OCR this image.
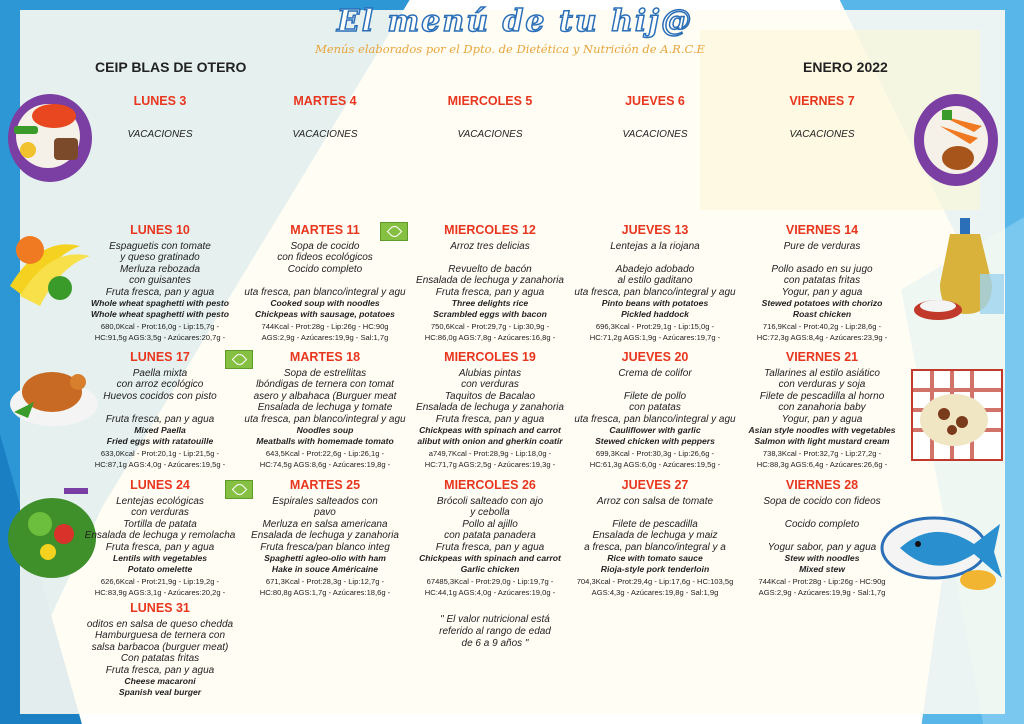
El menú de tu hij@
Menús elaborados por el Dpto. de Dietética y Nutrición de A.R.C.E
CEIP BLAS DE OTERO	ENERO 2022
LUNES 3
VACACIONES
MARTES 4
VACACIONES
MIERCOLES 5
VACACIONES
JUEVES 6
VACACIONES
VIERNES 7
VACACIONES
LUNES 10
Espaguetis con tomate
y queso gratinado
Merluza rebozada
con guisantes
Fruta fresca, pan y agua
Whole wheat spaghetti with pesto
Whole wheat spaghetti with pesto
680,0Kcal - Prot:16,0g - Lip:15,7g -
HC:91,5g AGS:3,5g - Azúcares:20,7g -
MARTES 11
Sopa de cocido
con fideos ecológicos
Cocido completo

uta fresca, pan blanco/integral y agu
Cooked soup with noodles
Chickpeas with sausage, potatoes
744Kcal - Prot:28g - Lip:26g - HC:90g
AGS:2,9g - Azúcares:19,9g - Sal:1,7g
MIERCOLES 12
Arroz tres delicias

Revuelto de bacón
Ensalada de lechuga y zanahoria
Fruta fresca, pan y agua
Three delights rice
Scrambled eggs with bacon
750,6Kcal - Prot:29,7g - Lip:30,9g -
HC:86,0g AGS:7,8g - Azúcares:16,8g -
JUEVES 13
Lentejas a la riojana

Abadejo adobado
al estilo gaditano
uta fresca, pan blanco/integral y agu
Pinto beans with potatoes
Pickled haddock
696,3Kcal - Prot:29,1g - Lip:15,0g -
HC:71,2g AGS:1,9g - Azúcares:19,7g -
VIERNES 14
Pure de verduras

Pollo asado en su jugo
con patatas fritas
Yogur, pan y agua
Stewed potatoes with chorizo
Roast chicken
716,9Kcal - Prot:40,2g - Lip:28,6g -
HC:72,3g AGS:8,4g - Azúcares:23,9g -
LUNES 17
Paella mixta
con arroz ecológico
Huevos cocidos con pisto

Fruta fresca, pan y agua
Mixed Paella
Fried eggs with ratatouille
633,0Kcal - Prot:20,1g - Lip:21,5g -
HC:87,1g AGS:4,0g - Azúcares:19,5g -
MARTES 18
Sopa de estrellitas
lbóndigas de ternera con tomat
asero y albahaca (Burguer meat
Ensalada de lechuga y tomate
uta fresca, pan blanco/integral y agu
Noodles soup
Meatballs with homemade tomato
643,5Kcal - Prot:22,6g - Lip:26,1g -
HC:74,5g AGS:8,6g - Azúcares:19,8g -
MIERCOLES 19
Alubias pintas
con verduras
Taquitos de Bacalao
Ensalada de lechuga y zanahoria
Fruta fresca, pan y agua
Chickpeas with spinach and carrot
alibut with onion and gherkin coatir
a749,7Kcal - Prot:28,9g - Lip:18,0g -
HC:71,7g AGS:2,5g - Azúcares:19,3g -
JUEVES 20
Crema de colifor

Filete de pollo
con patatas
uta fresca, pan blanco/integral y agu
Cauliflower with garlic
Stewed chicken with peppers
699,3Kcal - Prot:30,3g - Lip:26,6g -
HC:61,3g AGS:6,0g - Azúcares:19,5g -
VIERNES 21
Tallarines al estilo asiático
con verduras y soja
Filete de pescadilla al horno
con zanahoria baby
Yogur, pan y agua
Asian style noodles with vegetables
Salmon with light mustard cream
738,3Kcal - Prot:32,7g - Lip:27,2g -
HC:88,3g AGS:6,4g - Azúcares:26,6g -
LUNES 24
Lentejas ecológicas
con verduras
Tortilla de patata
Ensalada de lechuga y remolacha
Fruta fresca, pan y agua
Lentils with vegetables
Potato omelette
626,6Kcal - Prot:21,9g - Lip:19,2g -
HC:83,9g AGS:3,1g - Azúcares:20,2g -
MARTES 25
Espirales salteados con
pavo
Merluza en salsa americana
Ensalada de lechuga y zanahoria
Fruta fresca/pan blanco integ
Spaghetti agleo-olio with ham
Hake in souce Américaine
671,3Kcal - Prot:28,3g - Lip:12,7g -
HC:80,8g AGS:1,7g - Azúcares:18,6g -
MIERCOLES 26
Brócoli salteado con ajo
y cebolla
Pollo al ajillo
con patata panadera
Fruta fresca, pan y agua
Chickpeas with spinach and carrot
Garlic chicken
67485,3Kcal - Prot:29,0g - Lip:19,7g -
HC:44,1g AGS:4,0g - Azúcares:19,0g -
JUEVES 27
Arroz con salsa de tomate

Filete de pescadilla
Ensalada de lechuga y maiz
a fresca, pan blanco/integral y a
Rice with tomato sauce
Rioja-style pork tenderloin
704,3Kcal - Prot:29,4g - Lip:17,6g - HC:103,5g
AGS:4,3g - Azúcares:19,8g - Sal:1,9g
VIERNES 28
Sopa de cocido con fideos

Cocido completo

Yogur sabor, pan y agua
Stew with noodles
Mixed stew
744Kcal - Prot:28g - Lip:26g - HC:90g
AGS:2,9g - Azúcares:19,9g - Sal:1,7g
LUNES 31
oditos en salsa de queso chedda
Hamburguesa de ternera con
salsa barbacoa (burguer meat)
Con patatas fritas
Fruta fresca, pan y agua
Cheese macaroni
Spanish veal burger
" El valor nutricional está
referido al rango de edad
de 6 a 9 años "
